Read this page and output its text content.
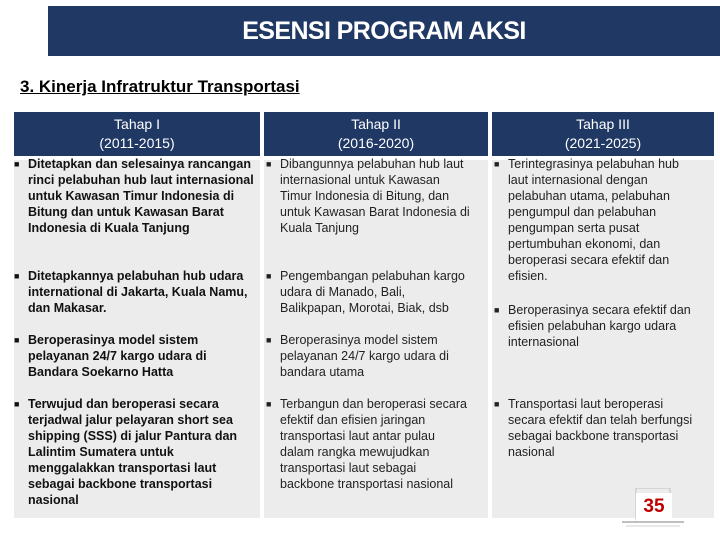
ESENSI PROGRAM AKSI
3. Kinerja Infratruktur Transportasi
Tahap I
(2011-2015)
Tahap II
(2016-2020)
Tahap III
(2021-2025)
■ Ditetapkan dan selesainya rancangan rinci pelabuhan hub laut internasional untuk Kawasan Timur Indonesia di Bitung dan untuk Kawasan Barat Indonesia di Kuala Tanjung
■ Ditetapkannya pelabuhan hub udara international di Jakarta, Kuala Namu, dan Makasar.
■ Beroperasinya model sistem pelayanan 24/7 kargo udara di Bandara Soekarno Hatta
■ Terwujud dan beroperasi secara terjadwal jalur pelayaran short sea shipping (SSS) di jalur Pantura dan Lalintim Sumatera untuk menggalakkan transportasi laut sebagai backbone transportasi nasional
■ Dibangunnya pelabuhan hub laut internasional untuk Kawasan Timur Indonesia di Bitung, dan untuk Kawasan Barat Indonesia di Kuala Tanjung
■ Pengembangan pelabuhan kargo udara di Manado, Bali, Balikpapan, Morotai, Biak, dsb
■ Beroperasinya model sistem pelayanan 24/7 kargo udara di bandara utama
■ Terbangun dan beroperasi secara efektif dan efisien jaringan transportasi laut antar pulau dalam rangka mewujudkan transportasi laut sebagai backbone transportasi nasional
■ Terintegrasinya pelabuhan hub laut internasional dengan pelabuhan utama, pelabuhan pengumpul dan pelabuhan pengumpan serta pusat pertumbuhan ekonomi, dan beroperasi secara efektif dan efisien.
■ Beroperasinya secara efektif dan efisien pelabuhan kargo udara internasional
■ Transportasi laut beroperasi secara efektif dan telah berfungsi sebagai backbone transportasi nasional
35
